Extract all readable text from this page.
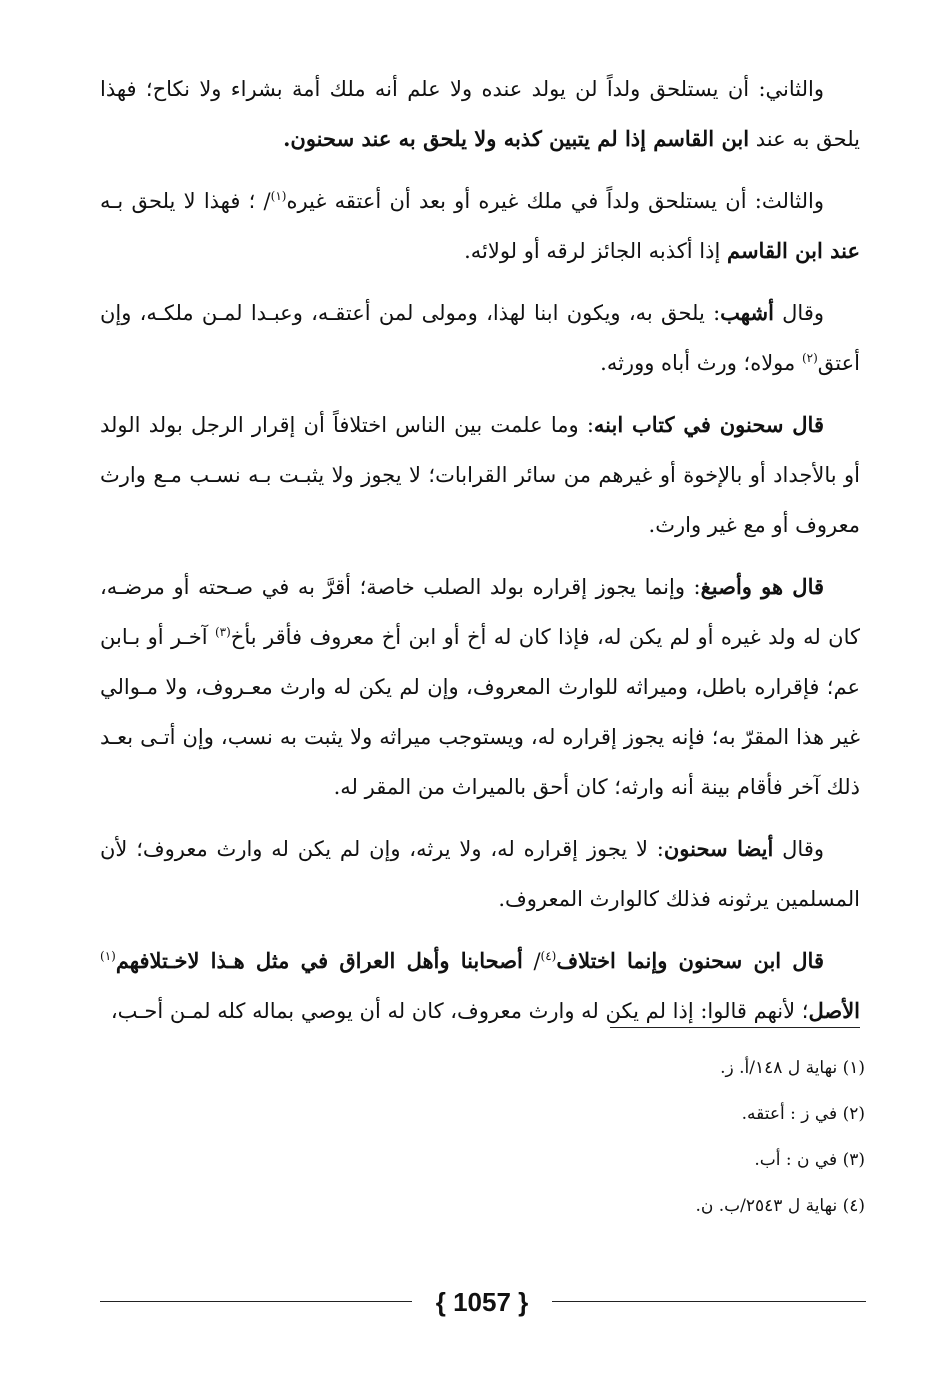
والثاني: أن يستلحق ولداً لن يولد عنده ولا علم أنه ملك أمة بشراء ولا نكاح؛ فهذا يلحق به عند ابن القاسم إذا لم يتبين كذبه ولا يلحق به عند سحنون.

والثالث: أن يستلحق ولداً في ملك غيره أو بعد أن أعتقه غيره$^{(١)}$/ ؛ فهذا لا يلحق بـه عند ابن القاسم إذا أكذبه الجائز لرقه أو لولائه.

وقال أشهب: يلحق به، ويكون ابنا لهذا، ومولى لمن أعتقـه، وعبـدا لمـن ملكـه، وإن أعتق$^{(٢)}$ مولاه؛ ورث أباه وورثه.

قال سحنون في كتاب ابنه: وما علمت بين الناس اختلافاً أن إقرار الرجل بولد الولد أو بالأجداد أو بالإخوة أو غيرهم من سائر القرابات؛ لا يجوز ولا يثبـت بـه نسـب مـع وارث معروف أو مع غير وارث.

قال هو وأصبغ: وإنما يجوز إقراره بولد الصلب خاصة؛ أقرَّ به في صـحته أو مرضـه، كان له ولد غيره أو لم يكن له، فإذا كان له أخ أو ابن أخ معروف فأقر بأخ$^{(٣)}$ آخـر أو بـابن عم؛ فإقراره باطل، وميراثه للوارث المعروف، وإن لم يكن له وارث معـروف، ولا مـوالي غير هذا المقرّ به؛ فإنه يجوز إقراره له، ويستوجب ميراثه ولا يثبت به نسب، وإن أتـى بعـد ذلك آخر فأقام بينة أنه وارثه؛ كان أحق بالميراث من المقر له.

وقال أيضا سحنون: لا يجوز إقراره له، ولا يرثه، وإن لم يكن له وارث معروف؛ لأن المسلمين يرثونه فذلك كالوارث المعروف.

قال ابن سحنون وإنما اختلاف$^{(٤)}$/ أصحابنا وأهل العراق في مثل هـذا لاخـتلافهم$^{(١)}$ الأصل؛ لأنهم قالوا: إذا لم يكن له وارث معروف، كان له أن يوصي بماله كله لمـن أحـب،

(١) نهاية ل ١٤٨/أ. ز.
(٢) في ز : أعتقه.
(٣) في ن : أب.
(٤) نهاية ل ٢٥٤٣/ب. ن.
{ 1057 }
